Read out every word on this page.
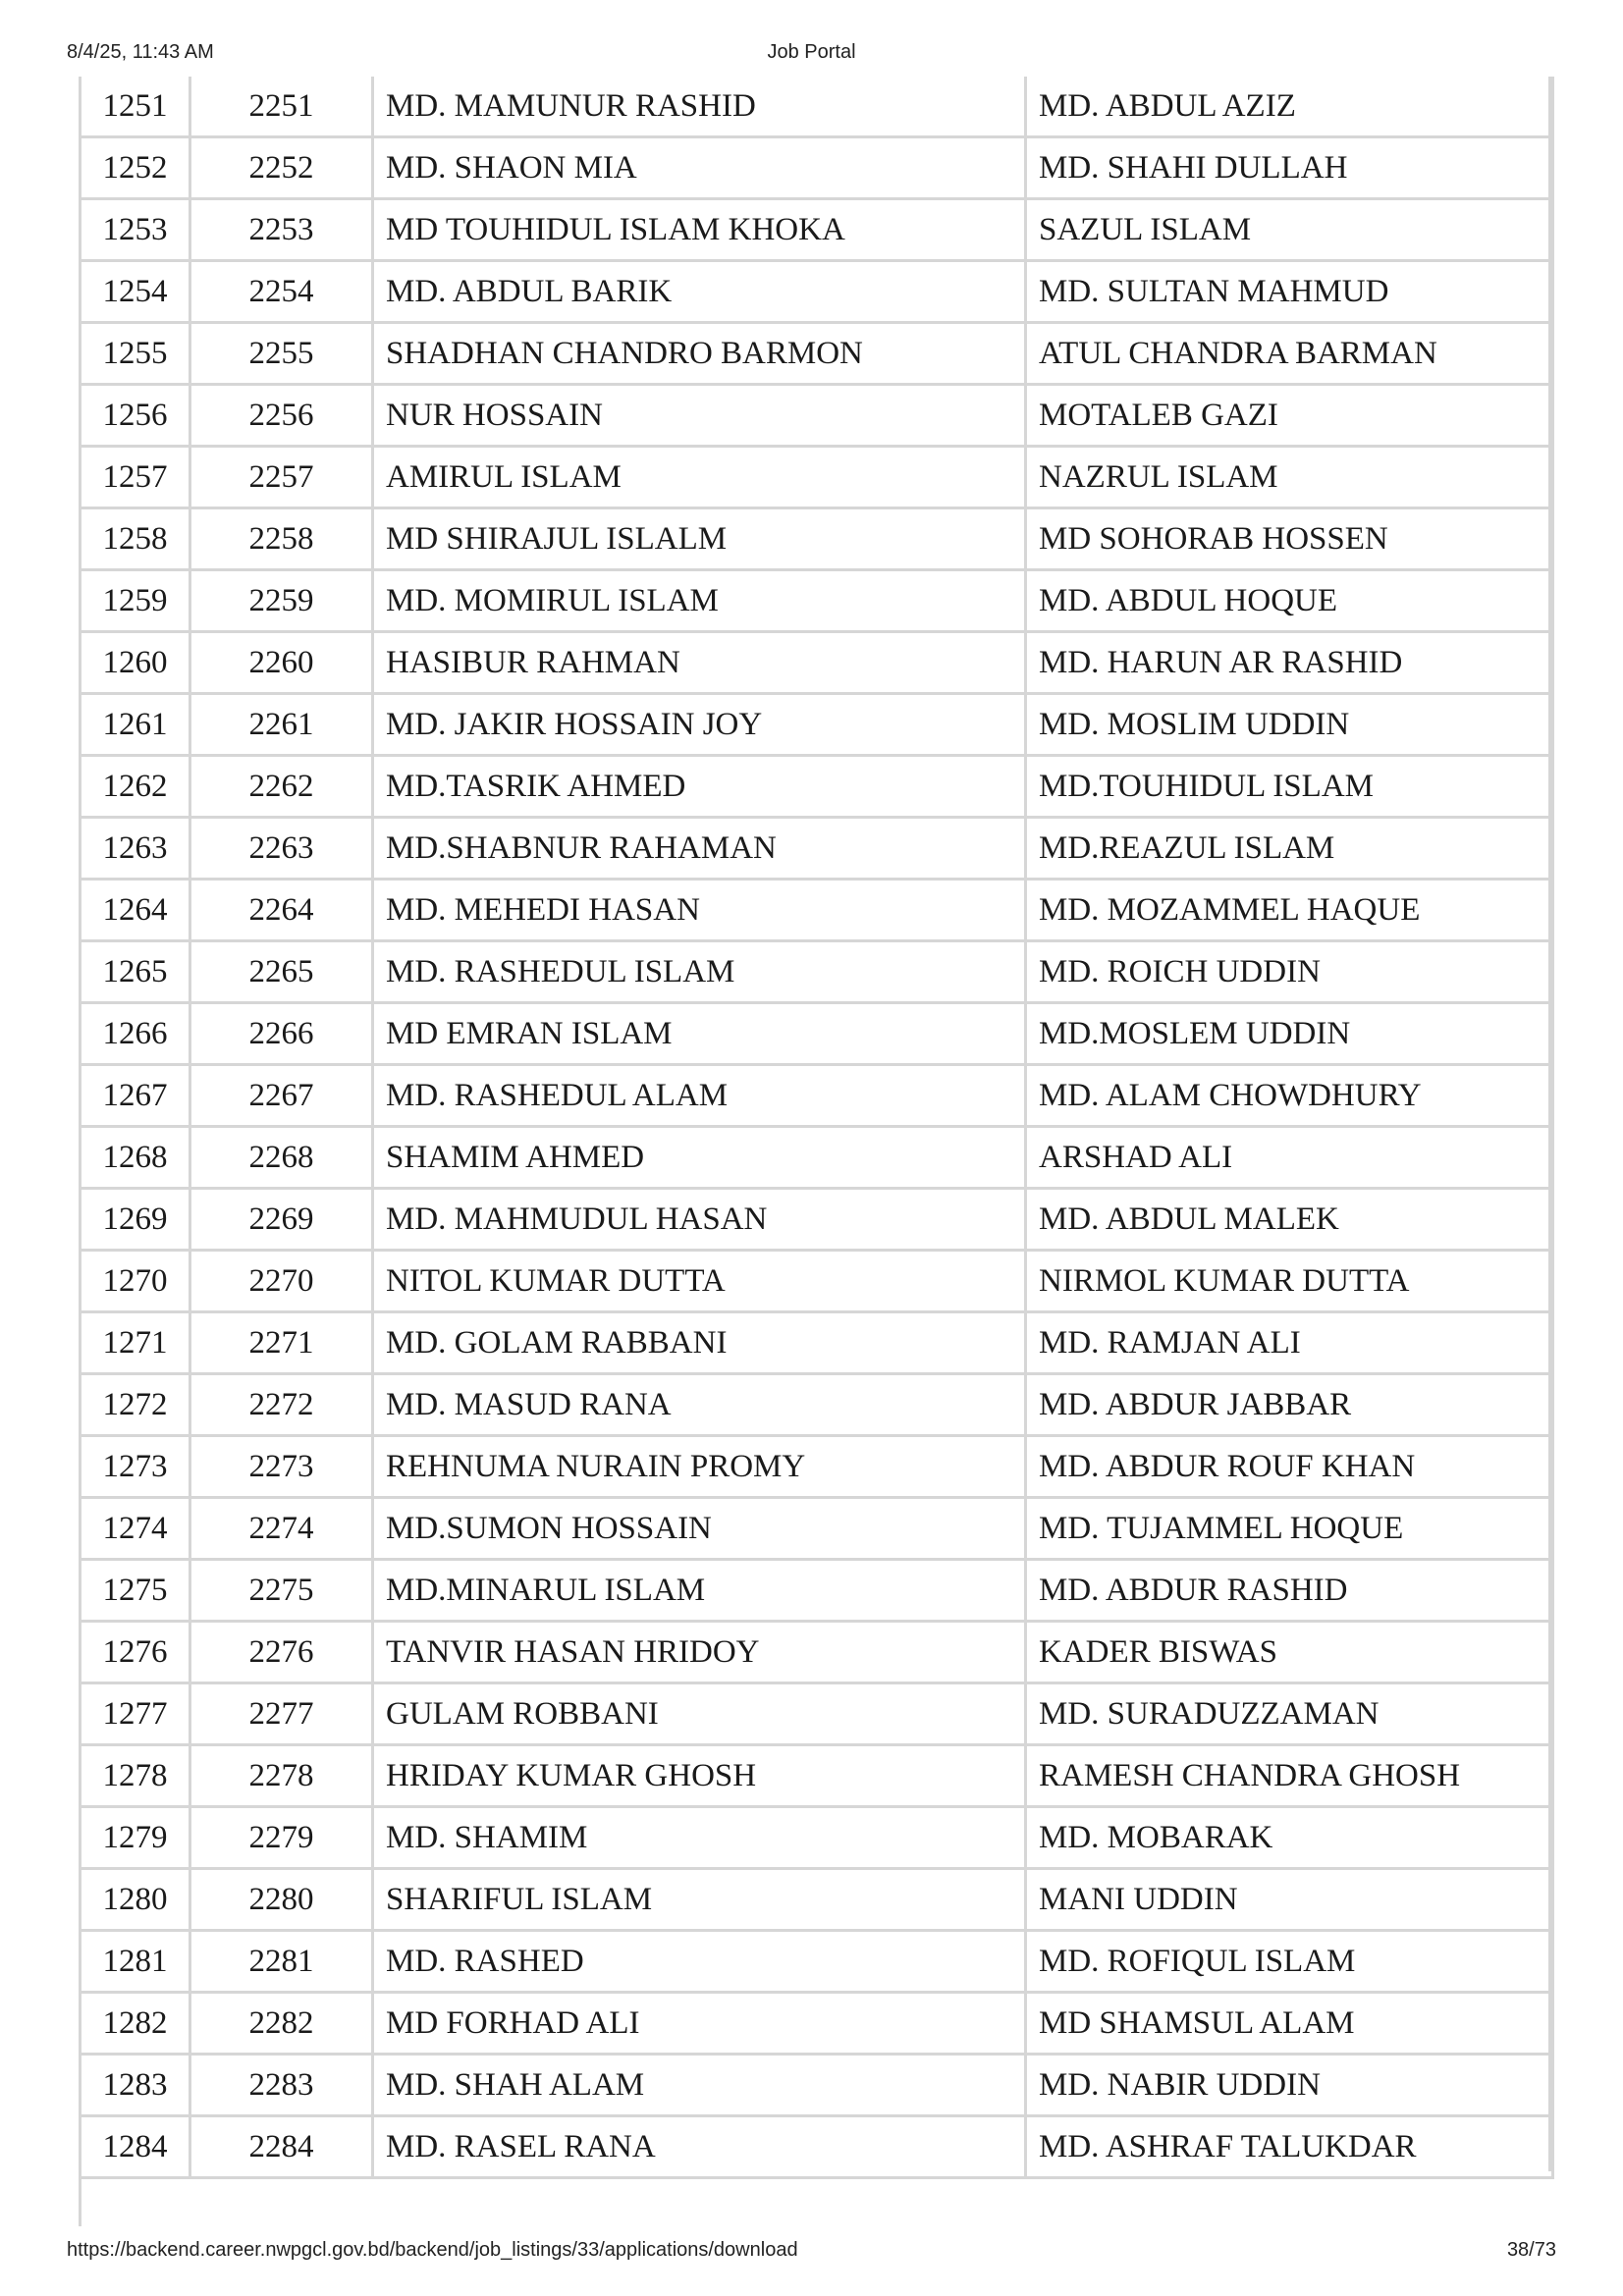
8/4/25, 11:43 AM	Job Portal
1251	2251	MD. MAMUNUR RASHID	MD. ABDUL AZIZ
1252	2252	MD. SHAON MIA	MD. SHAHI DULLAH
1253	2253	MD TOUHIDUL ISLAM KHOKA	SAZUL ISLAM
1254	2254	MD. ABDUL BARIK	MD. SULTAN MAHMUD
1255	2255	SHADHAN CHANDRO BARMON	ATUL CHANDRA BARMAN
1256	2256	NUR HOSSAIN	MOTALEB GAZI
1257	2257	AMIRUL ISLAM	NAZRUL ISLAM
1258	2258	MD SHIRAJUL ISLALM	MD SOHORAB HOSSEN
1259	2259	MD. MOMIRUL ISLAM	MD. ABDUL HOQUE
1260	2260	HASIBUR RAHMAN	MD. HARUN AR RASHID
1261	2261	MD. JAKIR HOSSAIN JOY	MD. MOSLIM UDDIN
1262	2262	MD.TASRIK AHMED	MD.TOUHIDUL ISLAM
1263	2263	MD.SHABNUR RAHAMAN	MD.REAZUL ISLAM
1264	2264	MD. MEHEDI HASAN	MD. MOZAMMEL HAQUE
1265	2265	MD. RASHEDUL ISLAM	MD. ROICH UDDIN
1266	2266	MD EMRAN ISLAM	MD.MOSLEM UDDIN
1267	2267	MD. RASHEDUL ALAM	MD. ALAM CHOWDHURY
1268	2268	SHAMIM AHMED	ARSHAD ALI
1269	2269	MD. MAHMUDUL HASAN	MD. ABDUL MALEK
1270	2270	NITOL KUMAR DUTTA	NIRMOL KUMAR DUTTA
1271	2271	MD. GOLAM RABBANI	MD. RAMJAN ALI
1272	2272	MD. MASUD RANA	MD. ABDUR JABBAR
1273	2273	REHNUMA NURAIN PROMY	MD. ABDUR ROUF KHAN
1274	2274	MD.SUMON HOSSAIN	MD. TUJAMMEL HOQUE
1275	2275	MD.MINARUL ISLAM	MD. ABDUR RASHID
1276	2276	TANVIR HASAN HRIDOY	KADER BISWAS
1277	2277	GULAM ROBBANI	MD. SURADUZZAMAN
1278	2278	HRIDAY KUMAR GHOSH	RAMESH CHANDRA GHOSH
1279	2279	MD. SHAMIM	MD. MOBARAK
1280	2280	SHARIFUL ISLAM	MANI UDDIN
1281	2281	MD. RASHED	MD. ROFIQUL ISLAM
1282	2282	MD FORHAD ALI	MD SHAMSUL ALAM
1283	2283	MD. SHAH ALAM	MD. NABIR UDDIN
1284	2284	MD. RASEL RANA	MD. ASHRAF TALUKDAR
https://backend.career.nwpgcl.gov.bd/backend/job_listings/33/applications/download	38/73
